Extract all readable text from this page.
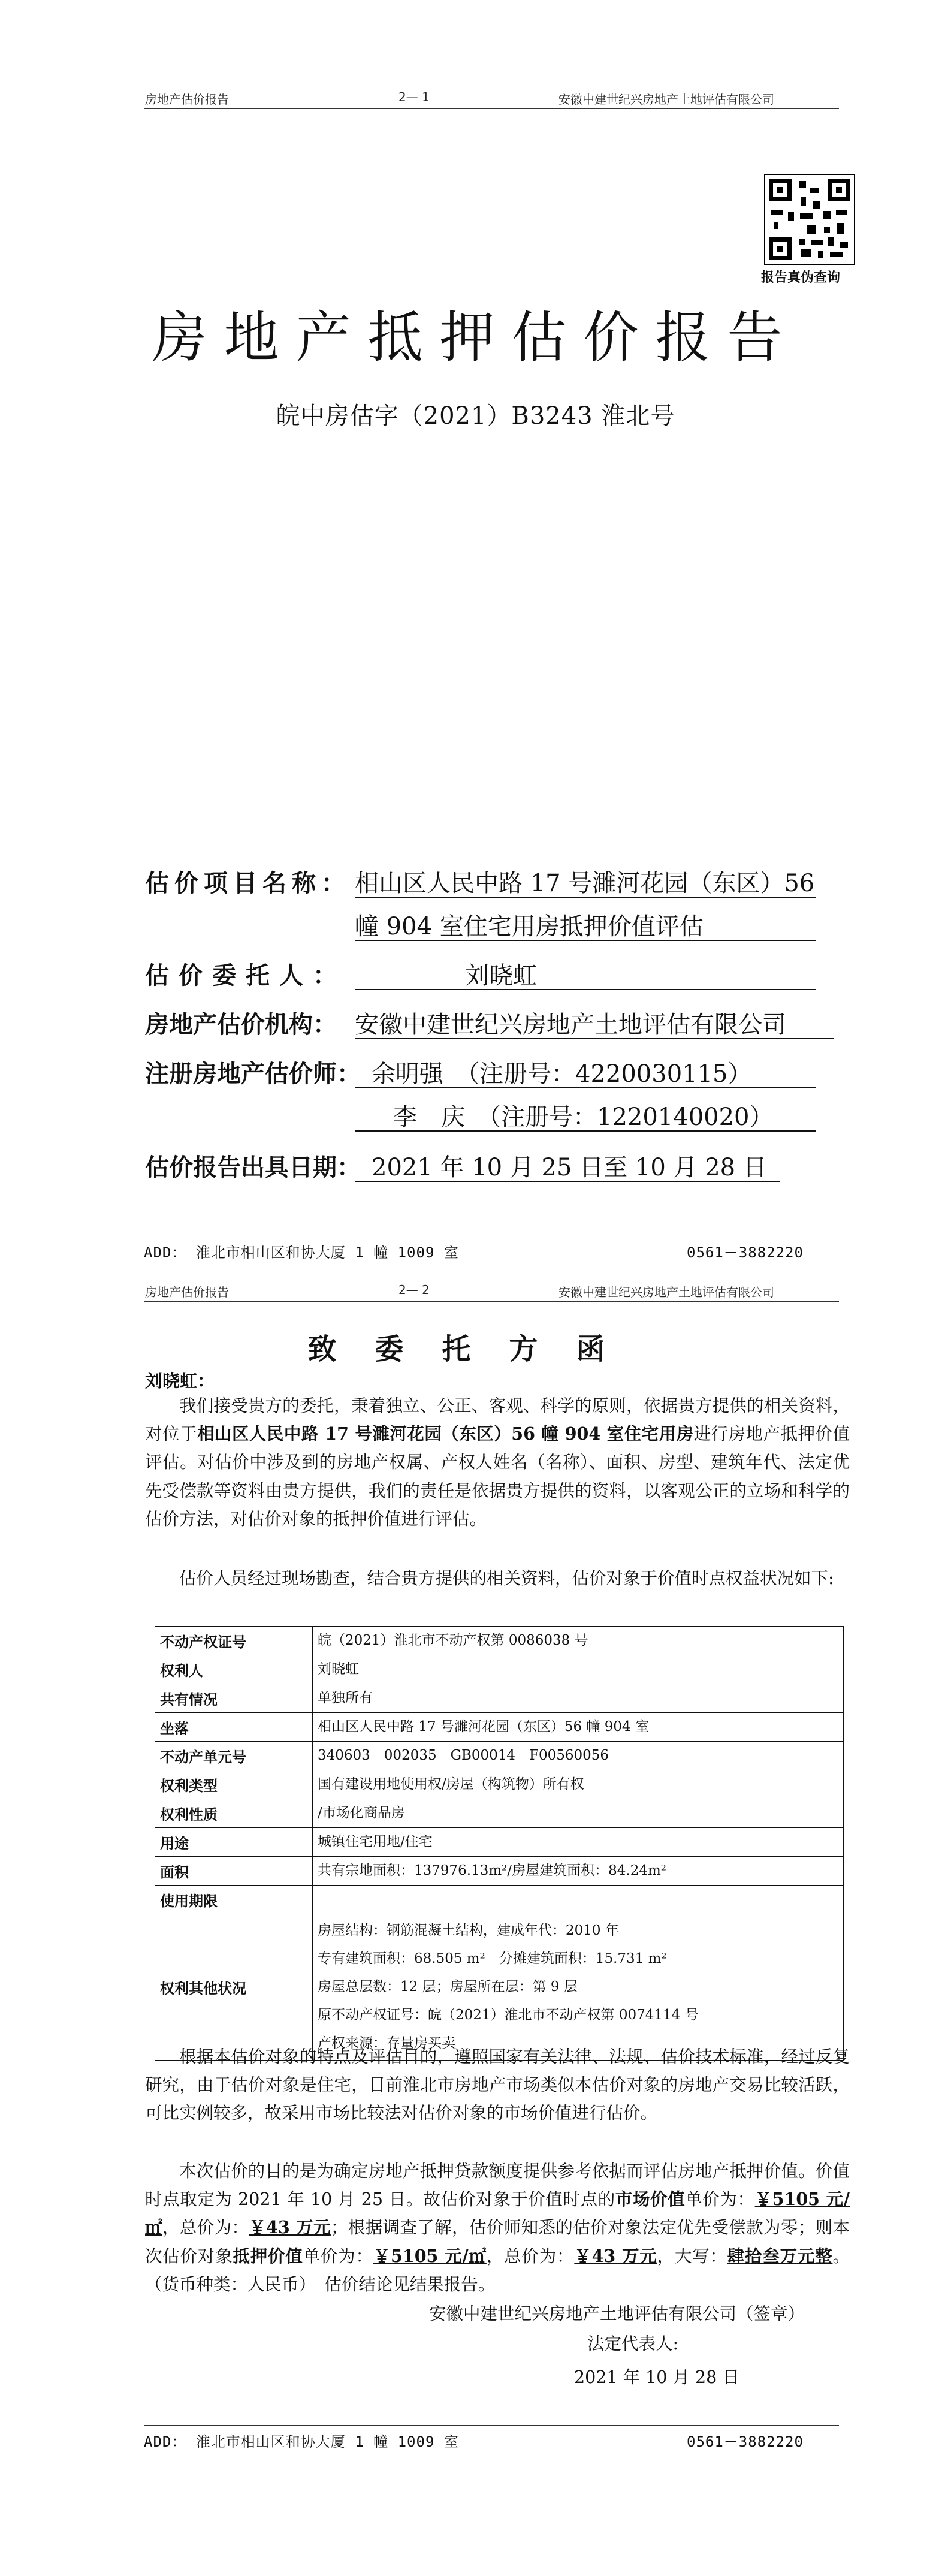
房地产估价报告	2— 1	安徽中建世纪兴房地产土地评估有限公司
报告真伪查询
房地产抵押估价报告
皖中房估字（2021）B3243 淮北号
估价项目名称： 相山区人民中路 17 号濉河花园（东区）56
幢 904 室住宅用房抵押价值评估
估价委托人：	刘晓虹
房地产估价机构： 安徽中建世纪兴房地产土地评估有限公司
注册房地产估价师： 余明强　（注册号：4220030115）
李　庆　（注册号：1220140020）
估价报告出具日期： 2021 年 10 月 25 日至 10 月 28 日
ADD： 淮北市相山区和协大厦 1 幢 1009 室	0561－3882220
房地产估价报告	2— 2	安徽中建世纪兴房地产土地评估有限公司
致委托方函
刘晓虹：

我们接受贵方的委托，秉着独立、公正、客观、科学的原则，依据贵方提供的相关资料，对位于相山区人民中路 17 号濉河花园（东区）56 幢 904 室住宅用房进行房地产抵押价值评估。对估价中涉及到的房地产权属、产权人姓名（名称）、面积、房型、建筑年代、法定优先受偿款等资料由贵方提供，我们的责任是依据贵方提供的资料，以客观公正的立场和科学的估价方法，对估价对象的抵押价值进行评估。

估价人员经过现场勘查，结合贵方提供的相关资料，估价对象于价值时点权益状况如下:

不动产权证号	皖（2021）淮北市不动产权第 0086038 号
权利人	刘晓虹
共有情况	单独所有
坐落	相山区人民中路 17 号濉河花园（东区）56 幢 904 室
不动产单元号	340603　002035　GB00014　F00560056
权利类型	国有建设用地使用权/房屋（构筑物）所有权
权利性质	/市场化商品房
用途	城镇住宅用地/住宅
面积	共有宗地面积：137976.13m²/房屋建筑面积：84.24m²
使用期限	
权利其他状况	房屋结构：钢筋混凝土结构，建成年代：2010 年
专有建筑面积：68.505 m²　分摊建筑面积：15.731 m²
房屋总层数：12 层；房屋所在层：第 9 层
原不动产权证号：皖（2021）淮北市不动产权第 0074114 号
产权来源：存量房买卖

根据本估价对象的特点及评估目的，遵照国家有关法律、法规、估价技术标准，经过反复研究，由于估价对象是住宅，目前淮北市房地产市场类似本估价对象的房地产交易比较活跃，可比实例较多，故采用市场比较法对估价对象的市场价值进行估价。

本次估价的目的是为确定房地产抵押贷款额度提供参考依据而评估房地产抵押价值。价值时点取定为 2021 年 10 月 25 日。故估价对象于价值时点的市场价值单价为：￥5105 元/㎡，总价为：￥43 万元；根据调查了解，估价师知悉的估价对象法定优先受偿款为零；则本次估价对象抵押价值单价为：￥5105 元/㎡，总价为：￥43 万元，大写：肆拾叁万元整。（货币种类：人民币）　估价结论见结果报告。

安徽中建世纪兴房地产土地评估有限公司（签章）
法定代表人:
2021 年 10 月 28 日
ADD： 淮北市相山区和协大厦 1 幢 1009 室	0561－3882220
